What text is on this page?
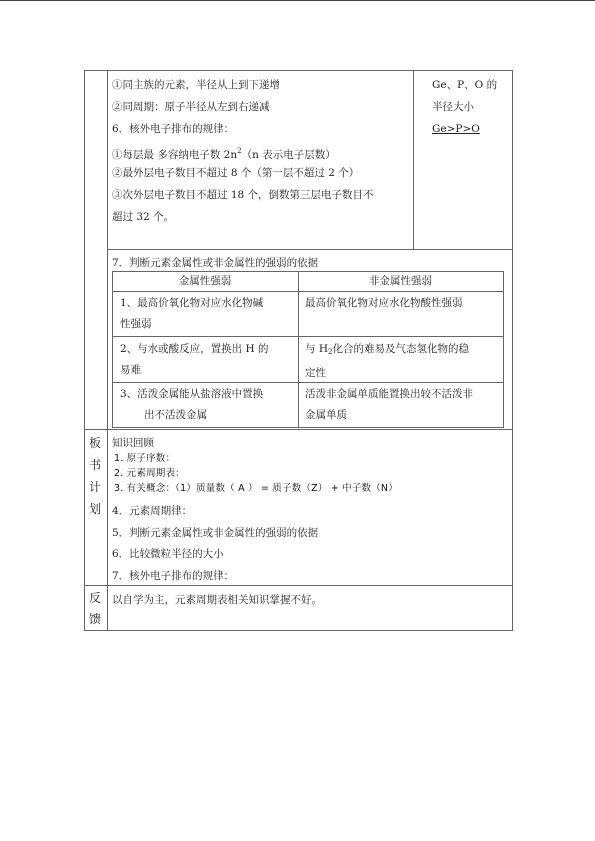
①同主族的元素，半径从上到下递增
②同周期：原子半径从左到右递减
6．核外电子排布的规律：
①每层最 多容纳电子数 $2n^2(n$ 表示电子层数）
②最外层电子数目不超过 8 个（第一层不超过 2 个）
③次外层电子数目不超过 18 个，倒数第三层电子数目不
超过 32 个。
Ge、P、O 的
半径大小
Ge>P>O
7．判断元素金属性或非金属性的强弱的依据
金属性强弱	非金属性强弱
1、最高价氧化物对应水化物碱
性强弱
最高价氧化物对应水化物酸性强弱
2、与水或酸反应，置换出 H 的
易难
与 $H_2$化合的难易及气态氢化物的稳
定性
3、活泼金属能从盐溶液中置换
出不活泼金属
活泼非金属单质能置换出较不活泼非
金属单质
板
书
计
划
知识回顾
1. 原子序数：
2. 元素周期表：
3. 有关概念：（1）质量数（ A ） = 质子数（Z） + 中子数（N）
4．元素周期律：
5．判断元素金属性或非金属性的强弱的依据
6．比较微粒半径的大小
7．核外电子排布的规律：
反
馈
以自学为主，元素周期表相关知识掌握不好。
